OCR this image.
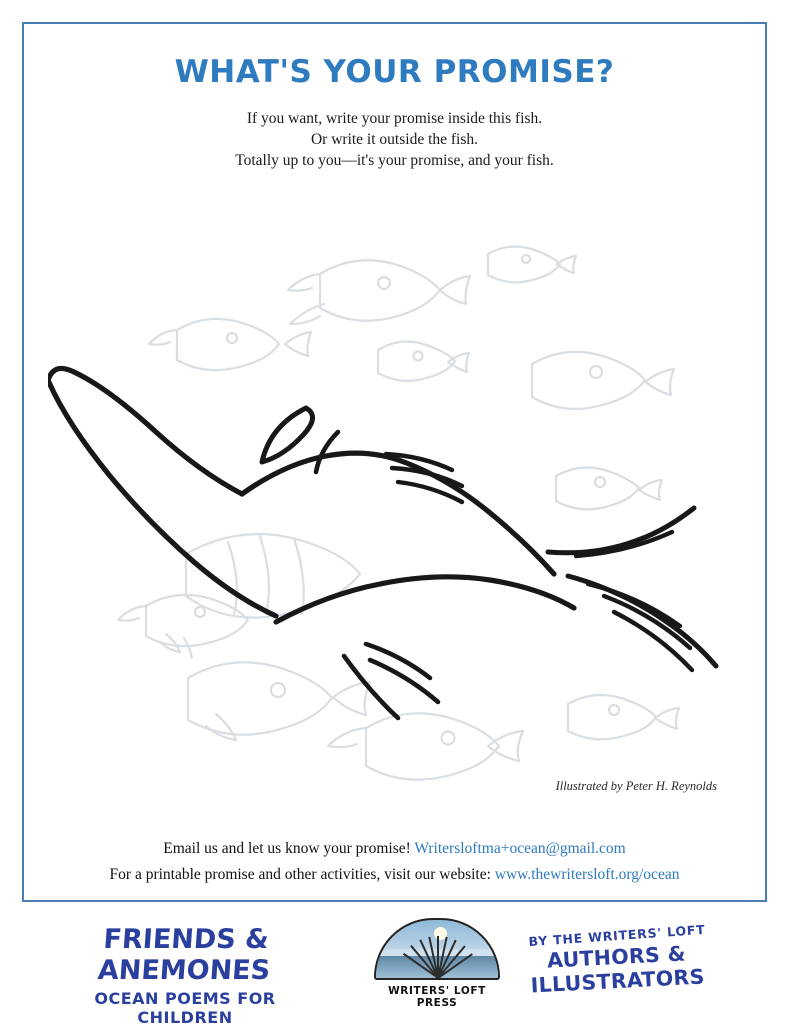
WHAT'S YOUR PROMISE?
If you want, write your promise inside this fish.
Or write it outside the fish.
Totally up to you—it's your promise, and your fish.
Illustrated by Peter H. Reynolds
Email us and let us know your promise! Writersloftma+ocean@gmail.com
For a printable promise and other activities, visit our website: www.thewritersloft.org/ocean
FRIENDS & ANEMONES
OCEAN POEMS FOR CHILDREN
WRITERS' LOFT PRESS
BY THE WRITERS' LOFT
AUTHORS & ILLUSTRATORS
